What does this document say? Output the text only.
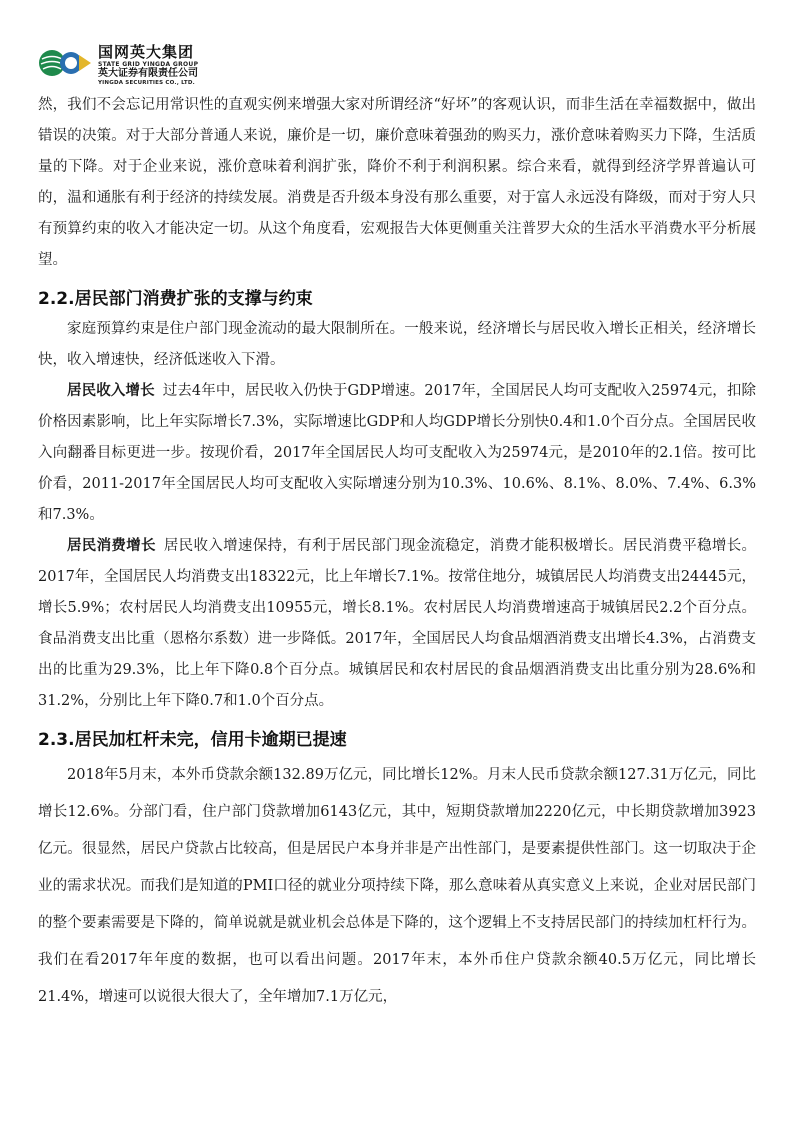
国网英大集团
STATE GRID YINGDA GROUP
英大证券有限责任公司
YINGDA SECURITIES CO., LTD.

然，我们不会忘记用常识性的直观实例来增强大家对所谓经济“好坏”的客观认识，而非生活在幸福数据中，做出错误的决策。对于大部分普通人来说，廉价是一切，廉价意味着强劲的购买力，涨价意味着购买力下降，生活质量的下降。对于企业来说，涨价意味着利润扩张，降价不利于利润积累。综合来看，就得到经济学界普遍认可的，温和通胀有利于经济的持续发展。消费是否升级本身没有那么重要，对于富人永远没有降级，而对于穷人只有预算约束的收入才能决定一切。从这个角度看，宏观报告大体更侧重关注普罗大众的生活水平消费水平分析展望。

2.2.居民部门消费扩张的支撑与约束

家庭预算约束是住户部门现金流动的最大限制所在。一般来说，经济增长与居民收入增长正相关，经济增长快，收入增速快，经济低迷收入下滑。

居民收入增长 过去4年中，居民收入仍快于GDP增速。2017年，全国居民人均可支配收入25974元，扣除价格因素影响，比上年实际增长7.3%，实际增速比GDP和人均GDP增长分别快0.4和1.0个百分点。全国居民收入向翻番目标更进一步。按现价看，2017年全国居民人均可支配收入为25974元，是2010年的2.1倍。按可比价看，2011-2017年全国居民人均可支配收入实际增速分别为10.3%、10.6%、8.1%、8.0%、7.4%、6.3%和7.3%。

居民消费增长 居民收入增速保持，有利于居民部门现金流稳定，消费才能积极增长。居民消费平稳增长。2017年，全国居民人均消费支出18322元，比上年增长7.1%。按常住地分，城镇居民人均消费支出24445元，增长5.9%；农村居民人均消费支出10955元，增长8.1%。农村居民人均消费增速高于城镇居民2.2个百分点。食品消费支出比重（恩格尔系数）进一步降低。2017年，全国居民人均食品烟酒消费支出增长4.3%，占消费支出的比重为29.3%，比上年下降0.8个百分点。城镇居民和农村居民的食品烟酒消费支出比重分别为28.6%和31.2%，分别比上年下降0.7和1.0个百分点。

2.3.居民加杠杆未完，信用卡逾期已提速

2018年5月末，本外币贷款余额132.89万亿元，同比增长12%。月末人民币贷款余额127.31万亿元，同比增长12.6%。分部门看，住户部门贷款增加6143亿元，其中，短期贷款增加2220亿元，中长期贷款增加3923亿元。很显然，居民户贷款占比较高，但是居民户本身并非是产出性部门，是要素提供性部门。这一切取决于企业的需求状况。而我们是知道的PMI口径的就业分项持续下降，那么意味着从真实意义上来说，企业对居民部门的整个要素需要是下降的，简单说就是就业机会总体是下降的，这个逻辑上不支持居民部门的持续加杠杆行为。我们在看2017年年度的数据，也可以看出问题。2017年末，本外币住户贷款余额40.5万亿元，同比增长21.4%，增速可以说很大很大了，全年增加7.1万亿元，
